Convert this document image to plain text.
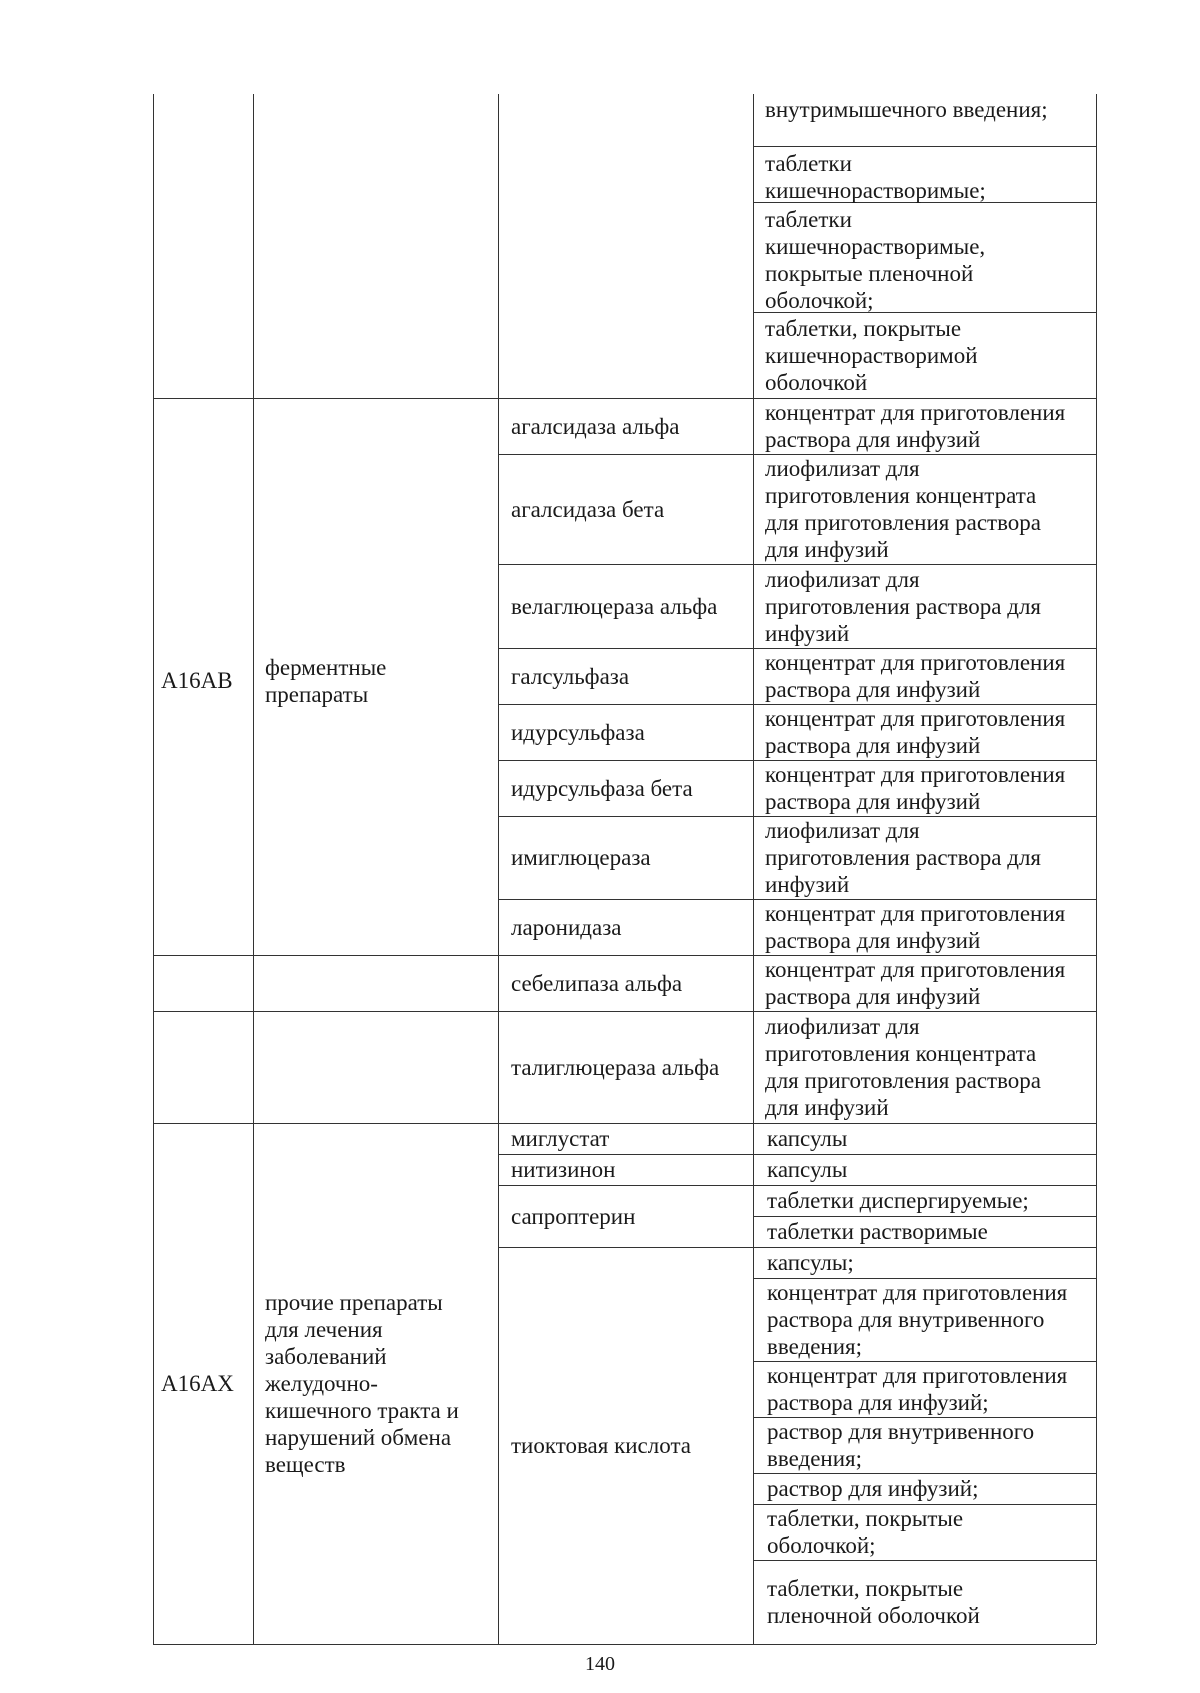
внутримышечного введения;
таблетки кишечнорастворимые;
таблетки кишечнорастворимые, покрытые пленочной оболочкой;
таблетки, покрытые кишечнорастворимой оболочкой
A16AB
ферментные препараты
агалсидаза альфа
концентрат для приготовления раствора для инфузий
агалсидаза бета
лиофилизат для приготовления концентрата для приготовления раствора для инфузий
велаглюцераза альфа
лиофилизат для приготовления раствора для инфузий
галсульфаза
концентрат для приготовления раствора для инфузий
идурсульфаза
концентрат для приготовления раствора для инфузий
идурсульфаза бета
концентрат для приготовления раствора для инфузий
имиглюцераза
лиофилизат для приготовления раствора для инфузий
ларонидаза
концентрат для приготовления раствора для инфузий
себелипаза альфа
концентрат для приготовления раствора для инфузий
талиглюцераза альфа
лиофилизат для приготовления концентрата для приготовления раствора для инфузий
A16AX
прочие препараты для лечения заболеваний желудочно-кишечного тракта и нарушений обмена веществ
миглустат	капсулы
нитизинон	капсулы
сапроптерин
таблетки диспергируемые;
таблетки растворимые
тиоктовая кислота
капсулы;
концентрат для приготовления раствора для внутривенного введения;
концентрат для приготовления раствора для инфузий;
раствор для внутривенного введения;
раствор для инфузий;
таблетки, покрытые оболочкой;
таблетки, покрытые пленочной оболочкой
140
